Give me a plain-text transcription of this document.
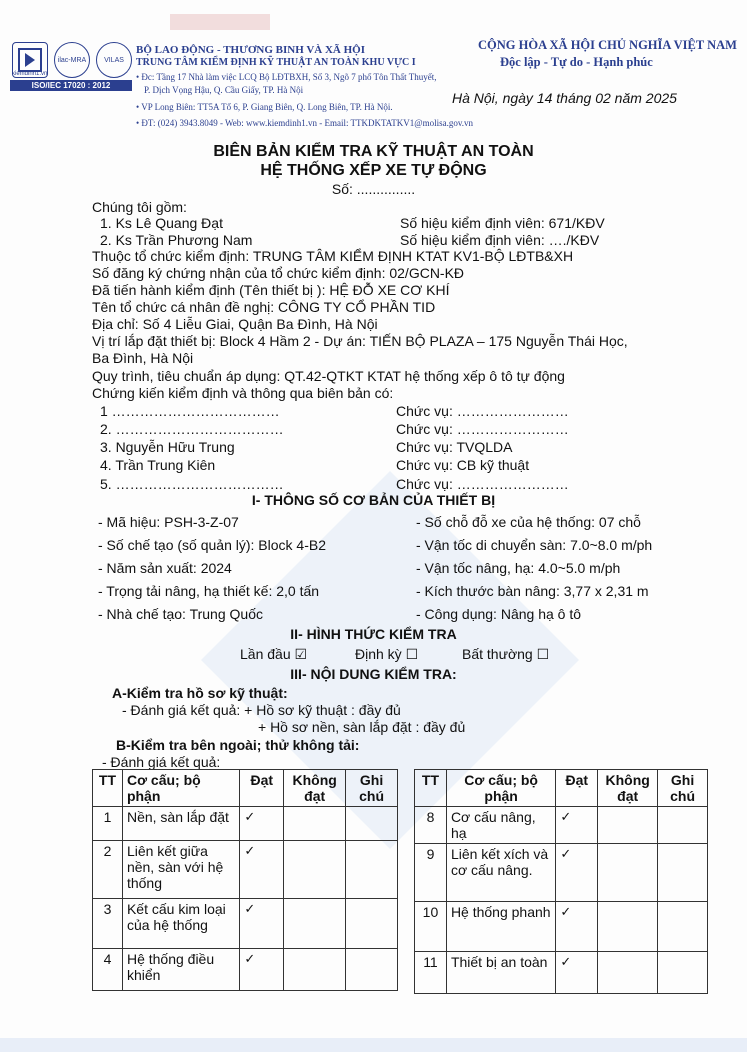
ilac-MRA	VILAS
kiemdinh1.vn
ISO/IEC 17020 : 2012
BỘ LAO ĐỘNG - THƯƠNG BINH VÀ XÃ HỘI
TRUNG TÂM KIỂM ĐỊNH KỸ THUẬT AN TOÀN KHU VỰC I
• Đc: Tầng 17 Nhà làm việc LCQ Bộ LĐTBXH, Số 3, Ngõ 7 phố Tôn Thất Thuyết,
P. Dịch Vọng Hậu, Q. Cầu Giấy, TP. Hà Nội
• VP Long Biên: TT5A Tổ 6, P. Giang Biên, Q. Long Biên, TP. Hà Nội.
• ĐT: (024) 3943.8049 - Web: www.kiemdinh1.vn - Email: TTKDKTATKV1@molisa.gov.vn
CỘNG HÒA XÃ HỘI CHỦ NGHĨA VIỆT NAM
Độc lập - Tự do - Hạnh phúc
Hà Nội, ngày 14 tháng 02 năm 2025
BIÊN BẢN KIỂM TRA KỸ THUẬT AN TOÀN
HỆ THỐNG XẾP XE TỰ ĐỘNG
Số: ...............
Chúng tôi gồm:
1. Ks Lê Quang Đạt	Số hiệu kiểm định viên: 671/KĐV
2. Ks Trần Phương Nam	Số hiệu kiểm định viên: …./KĐV
Thuộc tổ chức kiểm định: TRUNG TÂM KIỂM ĐỊNH KTAT KV1-BỘ LĐTB&XH
Số đăng ký chứng nhận của tổ chức kiểm định: 02/GCN-KĐ
Đã tiến hành kiểm định (Tên thiết bị ): HỆ ĐỖ XE CƠ KHÍ
Tên tổ chức cá nhân đề nghị: CÔNG TY CỔ PHẦN TID
Địa chỉ: Số 4 Liễu Giai, Quận Ba Đình, Hà Nội
Vị trí lắp đặt thiết bị: Block 4 Hầm 2 - Dự án: TIẾN BỘ PLAZA – 175 Nguyễn Thái Học,
Ba Đình, Hà Nội
Quy trình, tiêu chuẩn áp dụng: QT.42-QTKT KTAT hệ thống xếp ô tô tự động
Chứng kiến kiểm định và thông qua biên bản có:
1 ………………………………	Chức vụ: ……………………
2. ………………………………	Chức vụ: ……………………
3. Nguyễn Hữu Trung	Chức vụ: TVQLDA
4. Trần Trung Kiên	Chức vụ: CB kỹ thuật
5. ………………………………	Chức vụ: ……………………
I- THÔNG SỐ CƠ BẢN CỦA THIẾT BỊ
- Mã hiệu: PSH-3-Z-07	- Số chỗ đỗ xe của hệ thống: 07 chỗ
- Số chế tạo (số quản lý): Block 4-B2	- Vận tốc di chuyển sàn: 7.0~8.0 m/ph
- Năm sản xuất: 2024	- Vận tốc nâng, hạ: 4.0~5.0 m/ph
- Trọng tải nâng, hạ thiết kế: 2,0 tấn	- Kích thước bàn nâng: 3,77 x 2,31 m
- Nhà chế tạo: Trung Quốc	- Công dụng: Nâng hạ ô tô
II- HÌNH THỨC KIỂM TRA
Lần đầu ☑	Định kỳ ☐	Bất thường ☐
III- NỘI DUNG KIỂM TRA:
A-Kiểm tra hồ sơ kỹ thuật:
- Đánh giá kết quả: + Hồ sơ kỹ thuật : đầy đủ
+ Hồ sơ nền, sàn lắp đặt : đầy đủ
B-Kiểm tra bên ngoài; thử không tải:
- Đánh giá kết quả:
TT	Cơ cấu; bộ phận	Đạt	Không đạt	Ghi chú
1	Nền, sàn lắp đặt	✓		
2	Liên kết giữa nền, sàn với hệ thống	✓		
3	Kết cấu kim loại của hệ thống	✓		
4	Hệ thống điều khiển	✓		
TT	Cơ cấu; bộ phận	Đạt	Không đạt	Ghi chú
8	Cơ cấu nâng, hạ	✓		
9	Liên kết xích và cơ cấu nâng.	✓		
10	Hệ thống phanh	✓		
11	Thiết bị an toàn	✓		
